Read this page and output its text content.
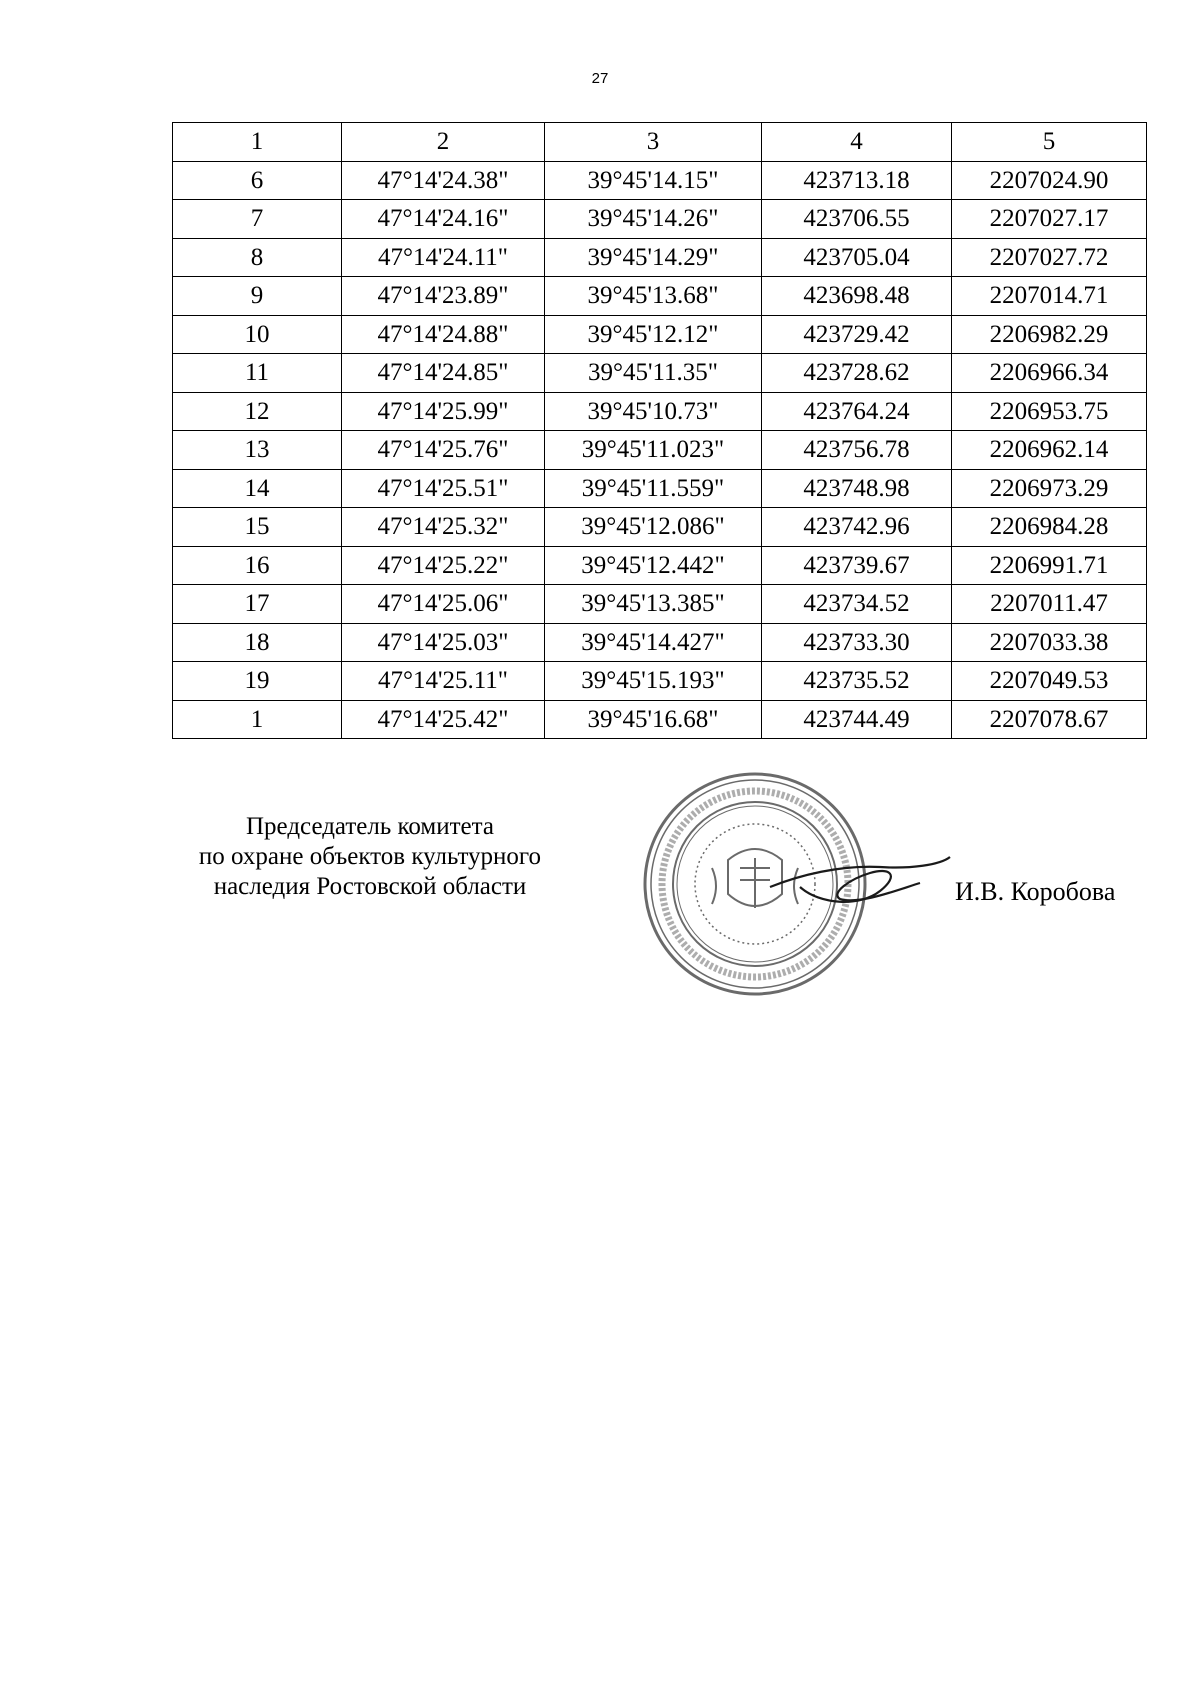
27
1	2	3	4	5
6	47°14'24.38"	39°45'14.15"	423713.18	2207024.90
7	47°14'24.16"	39°45'14.26"	423706.55	2207027.17
8	47°14'24.11"	39°45'14.29"	423705.04	2207027.72
9	47°14'23.89"	39°45'13.68"	423698.48	2207014.71
10	47°14'24.88"	39°45'12.12"	423729.42	2206982.29
11	47°14'24.85"	39°45'11.35"	423728.62	2206966.34
12	47°14'25.99"	39°45'10.73"	423764.24	2206953.75
13	47°14'25.76"	39°45'11.023"	423756.78	2206962.14
14	47°14'25.51"	39°45'11.559"	423748.98	2206973.29
15	47°14'25.32"	39°45'12.086"	423742.96	2206984.28
16	47°14'25.22"	39°45'12.442"	423739.67	2206991.71
17	47°14'25.06"	39°45'13.385"	423734.52	2207011.47
18	47°14'25.03"	39°45'14.427"	423733.30	2207033.38
19	47°14'25.11"	39°45'15.193"	423735.52	2207049.53
1	47°14'25.42"	39°45'16.68"	423744.49	2207078.67
Председатель комитета
по охране объектов культурного
наследия Ростовской области	И.В. Коробова
